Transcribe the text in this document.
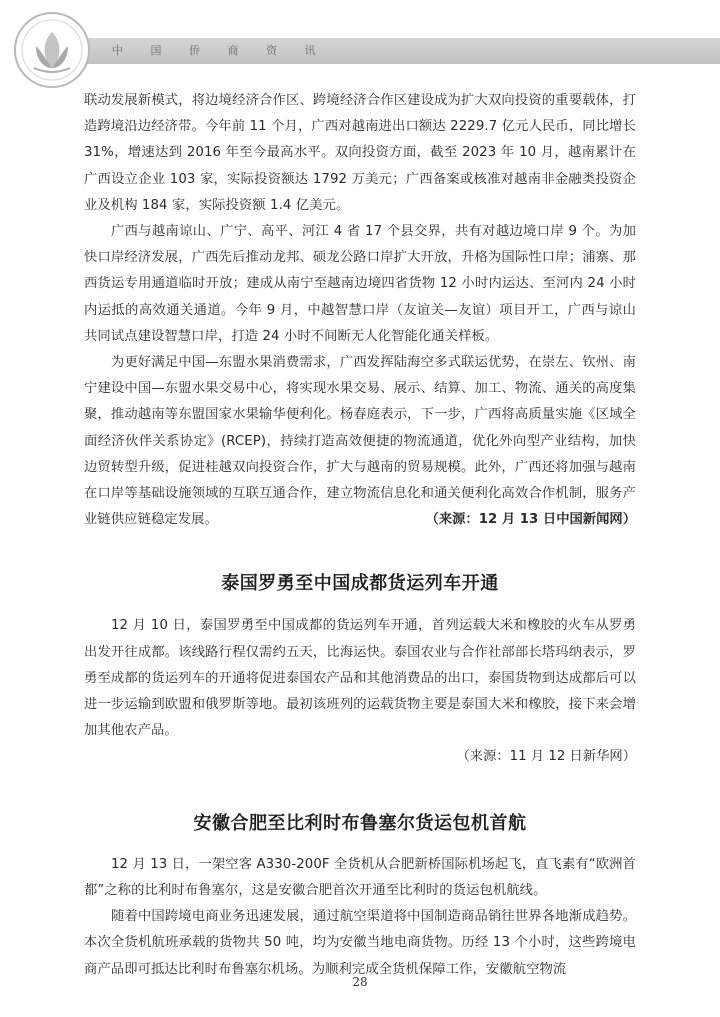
中 国 侨 商 资 讯

联动发展新模式，将边境经济合作区、跨境经济合作区建设成为扩大双向投资的重要载体，打造跨境沿边经济带。今年前 11 个月，广西对越南进出口额达 2229.7 亿元人民币，同比增长 31%，增速达到 2016 年至今最高水平。双向投资方面，截至 2023 年 10 月，越南累计在广西设立企业 103 家，实际投资额达 1792 万美元；广西备案或核准对越南非金融类投资企业及机构 184 家，实际投资额 1.4 亿美元。

广西与越南谅山、广宁、高平、河江 4 省 17 个县交界，共有对越边境口岸 9 个。为加快口岸经济发展，广西先后推动龙邦、硕龙公路口岸扩大开放，升格为国际性口岸；浦寨、那西货运专用通道临时开放；建成从南宁至越南边境四省货物 12 小时内运达、至河内 24 小时内运抵的高效通关通道。今年 9 月，中越智慧口岸（友谊关—友谊）项目开工，广西与谅山共同试点建设智慧口岸，打造 24 小时不间断无人化智能化通关样板。

为更好满足中国—东盟水果消费需求，广西发挥陆海空多式联运优势，在崇左、钦州、南宁建设中国—东盟水果交易中心，将实现水果交易、展示、结算、加工、物流、通关的高度集聚，推动越南等东盟国家水果输华便利化。杨春庭表示，下一步，广西将高质量实施《区域全面经济伙伴关系协定》(RCEP)，持续打造高效便捷的物流通道，优化外向型产业结构，加快边贸转型升级，促进桂越双向投资合作，扩大与越南的贸易规模。此外，广西还将加强与越南在口岸等基础设施领域的互联互通合作，建立物流信息化和通关便利化高效合作机制，服务产业链供应链稳定发展。	（来源：12 月 13 日中国新闻网）
泰国罗勇至中国成都货运列车开通

12 月 10 日，泰国罗勇至中国成都的货运列车开通，首列运载大米和橡胶的火车从罗勇出发开往成都。该线路行程仅需约五天，比海运快。泰国农业与合作社部部长塔玛纳表示，罗勇至成都的货运列车的开通将促进泰国农产品和其他消费品的出口，泰国货物到达成都后可以进一步运输到欧盟和俄罗斯等地。最初该班列的运载货物主要是泰国大米和橡胶，接下来会增加其他农产品。

（来源：11 月 12 日新华网）
安徽合肥至比利时布鲁塞尔货运包机首航

12 月 13 日，一架空客 A330-200F 全货机从合肥新桥国际机场起飞，直飞素有“欧洲首都”之称的比利时布鲁塞尔，这是安徽合肥首次开通至比利时的货运包机航线。

随着中国跨境电商业务迅速发展，通过航空渠道将中国制造商品销往世界各地渐成趋势。本次全货机航班承载的货物共 50 吨，均为安徽当地电商货物。历经 13 个小时，这些跨境电商产品即可抵达比利时布鲁塞尔机场。为顺利完成全货机保障工作，安徽航空物流

28
